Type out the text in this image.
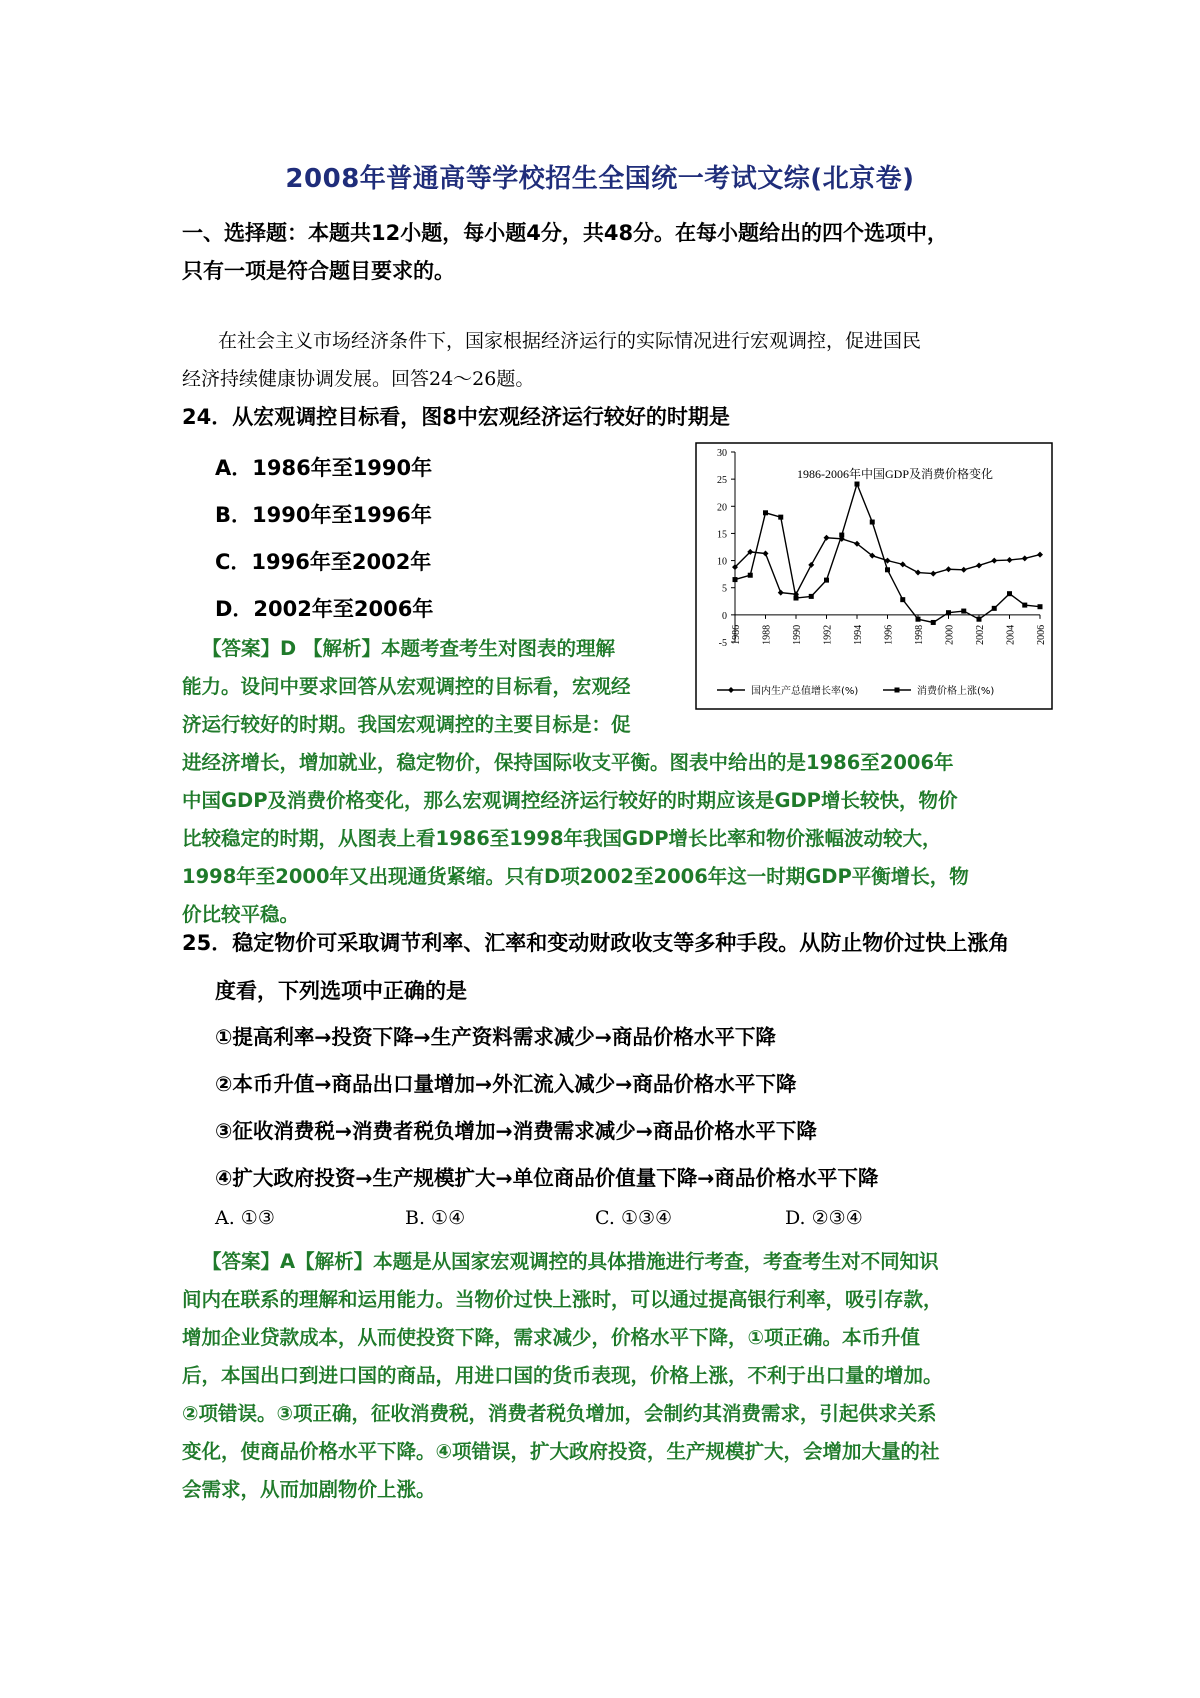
2008年普通高等学校招生全国统一考试文综(北京卷)
一、选择题：本题共12小题，每小题4分，共48分。在每小题给出的四个选项中，
只有一项是符合题目要求的。
在社会主义市场经济条件下，国家根据经济运行的实际情况进行宏观调控，促进国民
经济持续健康协调发展。回答24～26题。
24．从宏观调控目标看，图8中宏观经济运行较好的时期是
A．1986年至1990年
B．1990年至1996年
C．1996年至2002年
D．2002年至2006年
30
25
20
15
10
5
0
-5 1986 1988 1990 1992 1994 1996 1998 2000 2002 2004 2006
1986-2006年中国GDP及消费价格变化
国内生产总值增长率(%)	消费价格上涨(%)
【答案】D 【解析】本题考查考生对图表的理解
能力。设问中要求回答从宏观调控的目标看，宏观经
济运行较好的时期。我国宏观调控的主要目标是：促
进经济增长，增加就业，稳定物价，保持国际收支平衡。图表中给出的是1986至2006年
中国GDP及消费价格变化，那么宏观调控经济运行较好的时期应该是GDP增长较快，物价
比较稳定的时期，从图表上看1986至1998年我国GDP增长比率和物价涨幅波动较大，
1998年至2000年又出现通货紧缩。只有D项2002至2006年这一时期GDP平衡增长，物
价比较平稳。
25．稳定物价可采取调节利率、汇率和变动财政收支等多种手段。从防止物价过快上涨角
度看，下列选项中正确的是
①提高利率→投资下降→生产资料需求减少→商品价格水平下降
②本币升值→商品出口量增加→外汇流入减少→商品价格水平下降
③征收消费税→消费者税负增加→消费需求减少→商品价格水平下降
④扩大政府投资→生产规模扩大→单位商品价值量下降→商品价格水平下降
A. ①③	B. ①④	C. ①③④	D. ②③④
【答案】A【解析】本题是从国家宏观调控的具体措施进行考查，考查考生对不同知识
间内在联系的理解和运用能力。当物价过快上涨时，可以通过提高银行利率，吸引存款，
增加企业贷款成本，从而使投资下降，需求减少，价格水平下降，①项正确。本币升值
后，本国出口到进口国的商品，用进口国的货币表现，价格上涨，不利于出口量的增加。
②项错误。③项正确，征收消费税，消费者税负增加，会制约其消费需求，引起供求关系
变化，使商品价格水平下降。④项错误，扩大政府投资，生产规模扩大，会增加大量的社
会需求，从而加剧物价上涨。
